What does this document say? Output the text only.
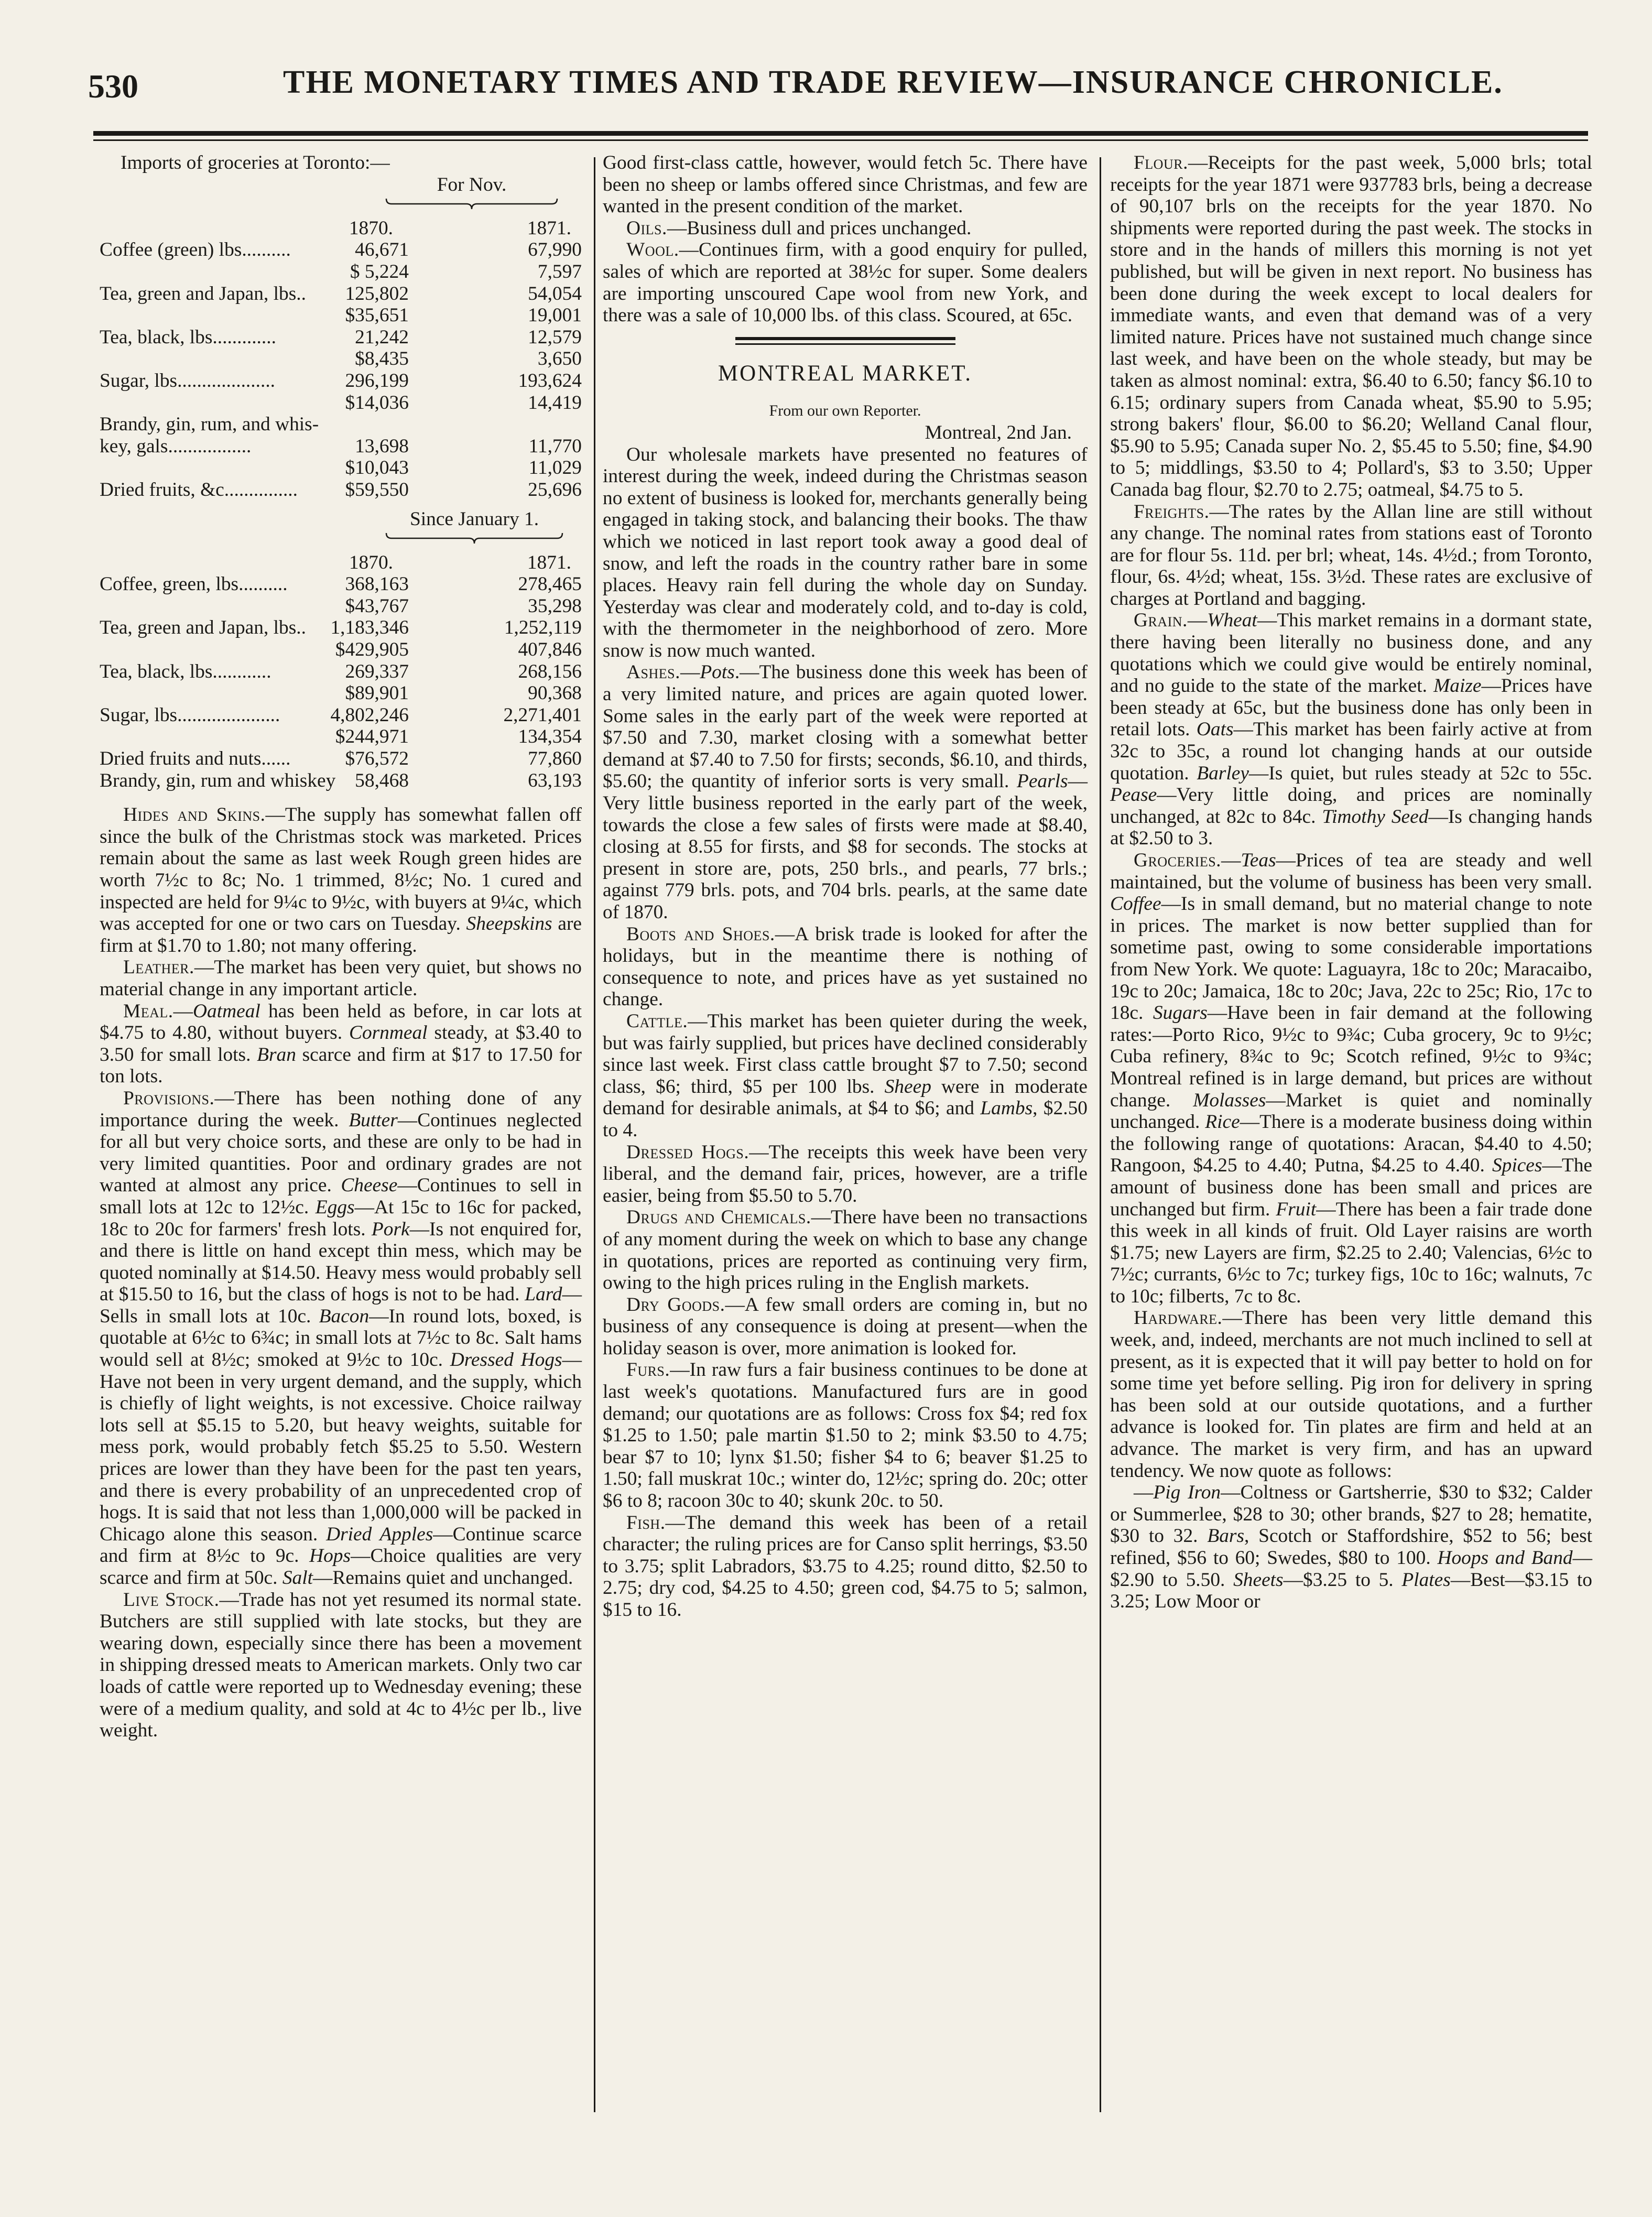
530	THE MONETARY TIMES AND TRADE REVIEW—INSURANCE CHRONICLE.
Imports of groceries at Toronto:—
For Nov.
1870.	1871.
Coffee (green) lbs..........	46,671	67,990
$ 5,224	7,597
Tea, green and Japan, lbs.. 125,802	54,054
$35,651	19,001
Tea, black, lbs.............	21,242	12,579
$8,435	3,650
Sugar, lbs....................	296,199	193,624
$14,036	14,419
Brandy, gin, rum, and whis-
key, gals.................	13,698	11,770
$10,043	11,029
Dried fruits, &c............... $59,550	25,696
Since January 1.
1870.	1871.
Coffee, green, lbs..........	368,163	278,465
$43,767	35,298
Tea, green and Japan, lbs.. 1,183,346	1,252,119
$429,905	407,846
Tea, black, lbs............	269,337	268,156
$89,901	90,368
Sugar, lbs.....................	4,802,246	2,271,401
$244,971	134,354
Dried fruits and nuts......	$76,572	77,860
Brandy, gin, rum and whiskey 58,468	63,193

Hides and Skins.—The supply has somewhat fallen off since the bulk of the Christmas stock was marketed. Prices remain about the same as last week Rough green hides are worth 7½c to 8c; No. 1 trimmed, 8½c; No. 1 cured and inspected are held for 9¼c to 9½c, with buyers at 9¼c, which was accepted for one or two cars on Tuesday. Sheepskins are firm at $1.70 to 1.80; not many offering.

Leather.—The market has been very quiet, but shows no material change in any important article.

Meal.—Oatmeal has been held as before, in car lots at $4.75 to 4.80, without buyers. Cornmeal steady, at $3.40 to 3.50 for small lots. Bran scarce and firm at $17 to 17.50 for ton lots.

Provisions.—There has been nothing done of any importance during the week. Butter—Continues neglected for all but very choice sorts, and these are only to be had in very limited quantities. Poor and ordinary grades are not wanted at almost any price. Cheese—Continues to sell in small lots at 12c to 12½c. Eggs—At 15c to 16c for packed, 18c to 20c for farmers' fresh lots. Pork—Is not enquired for, and there is little on hand except thin mess, which may be quoted nominally at $14.50. Heavy mess would probably sell at $15.50 to 16, but the class of hogs is not to be had. Lard—Sells in small lots at 10c. Bacon—In round lots, boxed, is quotable at 6½c to 6¾c; in small lots at 7½c to 8c. Salt hams would sell at 8½c; smoked at 9½c to 10c. Dressed Hogs—Have not been in very urgent demand, and the supply, which is chiefly of light weights, is not excessive. Choice railway lots sell at $5.15 to 5.20, but heavy weights, suitable for mess pork, would probably fetch $5.25 to 5.50. Western prices are lower than they have been for the past ten years, and there is every probability of an unprecedented crop of hogs. It is said that not less than 1,000,000 will be packed in Chicago alone this season. Dried Apples—Continue scarce and firm at 8½c to 9c. Hops—Choice qualities are very scarce and firm at 50c. Salt—Remains quiet and unchanged.

Live Stock.—Trade has not yet resumed its normal state. Butchers are still supplied with late stocks, but they are wearing down, especially since there has been a movement in shipping dressed meats to American markets. Only two car loads of cattle were reported up to Wednesday evening; these were of a medium quality, and sold at 4c to 4½c per lb., live weight.

Good first-class cattle, however, would fetch 5c. There have been no sheep or lambs offered since Christmas, and few are wanted in the present condition of the market.

Oils.—Business dull and prices unchanged.

Wool.—Continues firm, with a good enquiry for pulled, sales of which are reported at 38½c for super. Some dealers are importing unscoured Cape wool from new York, and there was a sale of 10,000 lbs. of this class. Scoured, at 65c.

MONTREAL MARKET.
From our own Reporter.
Montreal, 2nd Jan.

Our wholesale markets have presented no features of interest during the week, indeed during the Christmas season no extent of business is looked for, merchants generally being engaged in taking stock, and balancing their books. The thaw which we noticed in last report took away a good deal of snow, and left the roads in the country rather bare in some places. Heavy rain fell during the whole day on Sunday. Yesterday was clear and moderately cold, and to-day is cold, with the thermometer in the neighborhood of zero. More snow is now much wanted.

Ashes.—Pots.—The business done this week has been of a very limited nature, and prices are again quoted lower. Some sales in the early part of the week were reported at $7.50 and 7.30, market closing with a somewhat better demand at $7.40 to 7.50 for firsts; seconds, $6.10, and thirds, $5.60; the quantity of inferior sorts is very small. Pearls—Very little business reported in the early part of the week, towards the close a few sales of firsts were made at $8.40, closing at 8.55 for firsts, and $8 for seconds. The stocks at present in store are, pots, 250 brls., and pearls, 77 brls.; against 779 brls. pots, and 704 brls. pearls, at the same date of 1870.

Boots and Shoes.—A brisk trade is looked for after the holidays, but in the meantime there is nothing of consequence to note, and prices have as yet sustained no change.

Cattle.—This market has been quieter during the week, but was fairly supplied, but prices have declined considerably since last week. First class cattle brought $7 to 7.50; second class, $6; third, $5 per 100 lbs. Sheep were in moderate demand for desirable animals, at $4 to $6; and Lambs, $2.50 to 4.

Dressed Hogs.—The receipts this week have been very liberal, and the demand fair, prices, however, are a trifle easier, being from $5.50 to 5.70.

Drugs and Chemicals.—There have been no transactions of any moment during the week on which to base any change in quotations, prices are reported as continuing very firm, owing to the high prices ruling in the English markets.

Dry Goods.—A few small orders are coming in, but no business of any consequence is doing at present—when the holiday season is over, more animation is looked for.

Furs.—In raw furs a fair business continues to be done at last week's quotations. Manufactured furs are in good demand; our quotations are as follows: Cross fox $4; red fox $1.25 to 1.50; pale martin $1.50 to 2; mink $3.50 to 4.75; bear $7 to 10; lynx $1.50; fisher $4 to 6; beaver $1.25 to 1.50; fall muskrat 10c.; winter do, 12½c; spring do. 20c; otter $6 to 8; racoon 30c to 40; skunk 20c. to 50.

Fish.—The demand this week has been of a retail character; the ruling prices are for Canso split herrings, $3.50 to 3.75; split Labradors, $3.75 to 4.25; round ditto, $2.50 to 2.75; dry cod, $4.25 to 4.50; green cod, $4.75 to 5; salmon, $15 to 16.

Flour.—Receipts for the past week, 5,000 brls; total receipts for the year 1871 were 937783 brls, being a decrease of 90,107 brls on the receipts for the year 1870. No shipments were reported during the past week. The stocks in store and in the hands of millers this morning is not yet published, but will be given in next report. No business has been done during the week except to local dealers for immediate wants, and even that demand was of a very limited nature. Prices have not sustained much change since last week, and have been on the whole steady, but may be taken as almost nominal: extra, $6.40 to 6.50; fancy $6.10 to 6.15; ordinary supers from Canada wheat, $5.90 to 5.95; strong bakers' flour, $6.00 to $6.20; Welland Canal flour, $5.90 to 5.95; Canada super No. 2, $5.45 to 5.50; fine, $4.90 to 5; middlings, $3.50 to 4; Pollard's, $3 to 3.50; Upper Canada bag flour, $2.70 to 2.75; oatmeal, $4.75 to 5.

Freights.—The rates by the Allan line are still without any change. The nominal rates from stations east of Toronto are for flour 5s. 11d. per brl; wheat, 14s. 4½d.; from Toronto, flour, 6s. 4½d; wheat, 15s. 3½d. These rates are exclusive of charges at Portland and bagging.

Grain.—Wheat—This market remains in a dormant state, there having been literally no business done, and any quotations which we could give would be entirely nominal, and no guide to the state of the market. Maize—Prices have been steady at 65c, but the business done has only been in retail lots. Oats—This market has been fairly active at from 32c to 35c, a round lot changing hands at our outside quotation. Barley—Is quiet, but rules steady at 52c to 55c. Pease—Very little doing, and prices are nominally unchanged, at 82c to 84c. Timothy Seed—Is changing hands at $2.50 to 3.

Groceries.—Teas—Prices of tea are steady and well maintained, but the volume of business has been very small. Coffee—Is in small demand, but no material change to note in prices. The market is now better supplied than for sometime past, owing to some considerable importations from New York. We quote: Laguayra, 18c to 20c; Maracaibo, 19c to 20c; Jamaica, 18c to 20c; Java, 22c to 25c; Rio, 17c to 18c. Sugars—Have been in fair demand at the following rates:—Porto Rico, 9½c to 9¾c; Cuba grocery, 9c to 9½c; Cuba refinery, 8¾c to 9c; Scotch refined, 9½c to 9¾c; Montreal refined is in large demand, but prices are without change. Molasses—Market is quiet and nominally unchanged. Rice—There is a moderate business doing within the following range of quotations: Aracan, $4.40 to 4.50; Rangoon, $4.25 to 4.40; Putna, $4.25 to 4.40. Spices—The amount of business done has been small and prices are unchanged but firm. Fruit—There has been a fair trade done this week in all kinds of fruit. Old Layer raisins are worth $1.75; new Layers are firm, $2.25 to 2.40; Valencias, 6½c to 7½c; currants, 6½c to 7c; turkey figs, 10c to 16c; walnuts, 7c to 10c; filberts, 7c to 8c.

Hardware.—There has been very little demand this week, and, indeed, merchants are not much inclined to sell at present, as it is expected that it will pay better to hold on for some time yet before selling. Pig iron for delivery in spring has been sold at our outside quotations, and a further advance is looked for. Tin plates are firm and held at an advance. The market is very firm, and has an upward tendency. We now quote as follows:

—Pig Iron—Coltness or Gartsherrie, $30 to $32; Calder or Summerlee, $28 to 30; other brands, $27 to 28; hematite, $30 to 32. Bars, Scotch or Staffordshire, $52 to 56; best refined, $56 to 60; Swedes, $80 to 100. Hoops and Band—$2.90 to 5.50. Sheets—$3.25 to 5. Plates—Best—$3.15 to 3.25; Low Moor or
